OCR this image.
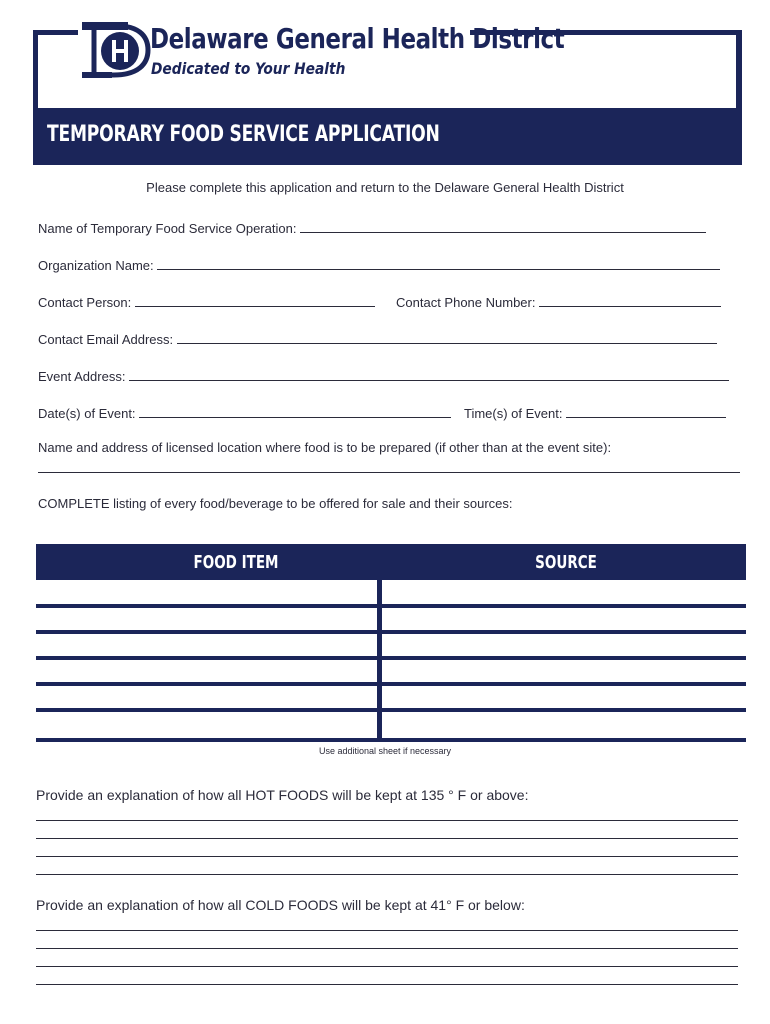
Delaware General Health District
Dedicated to Your Health
TEMPORARY FOOD SERVICE APPLICATION
Please complete this application and return to the Delaware General Health District
Name of Temporary Food Service Operation:
Organization Name:
Contact Person:	Contact Phone Number:
Contact Email Address:
Event Address:
Date(s) of Event:	Time(s) of Event:
Name and address of licensed location where food is to be prepared (if other than at the event site):
COMPLETE listing of every food/beverage to be offered for sale and their sources:
FOOD ITEM	SOURCE
Use additional sheet if necessary
Provide an explanation of how all HOT FOODS will be kept at 135 ° F or above:
Provide an explanation of how all COLD FOODS will be kept at 41° F or below:
